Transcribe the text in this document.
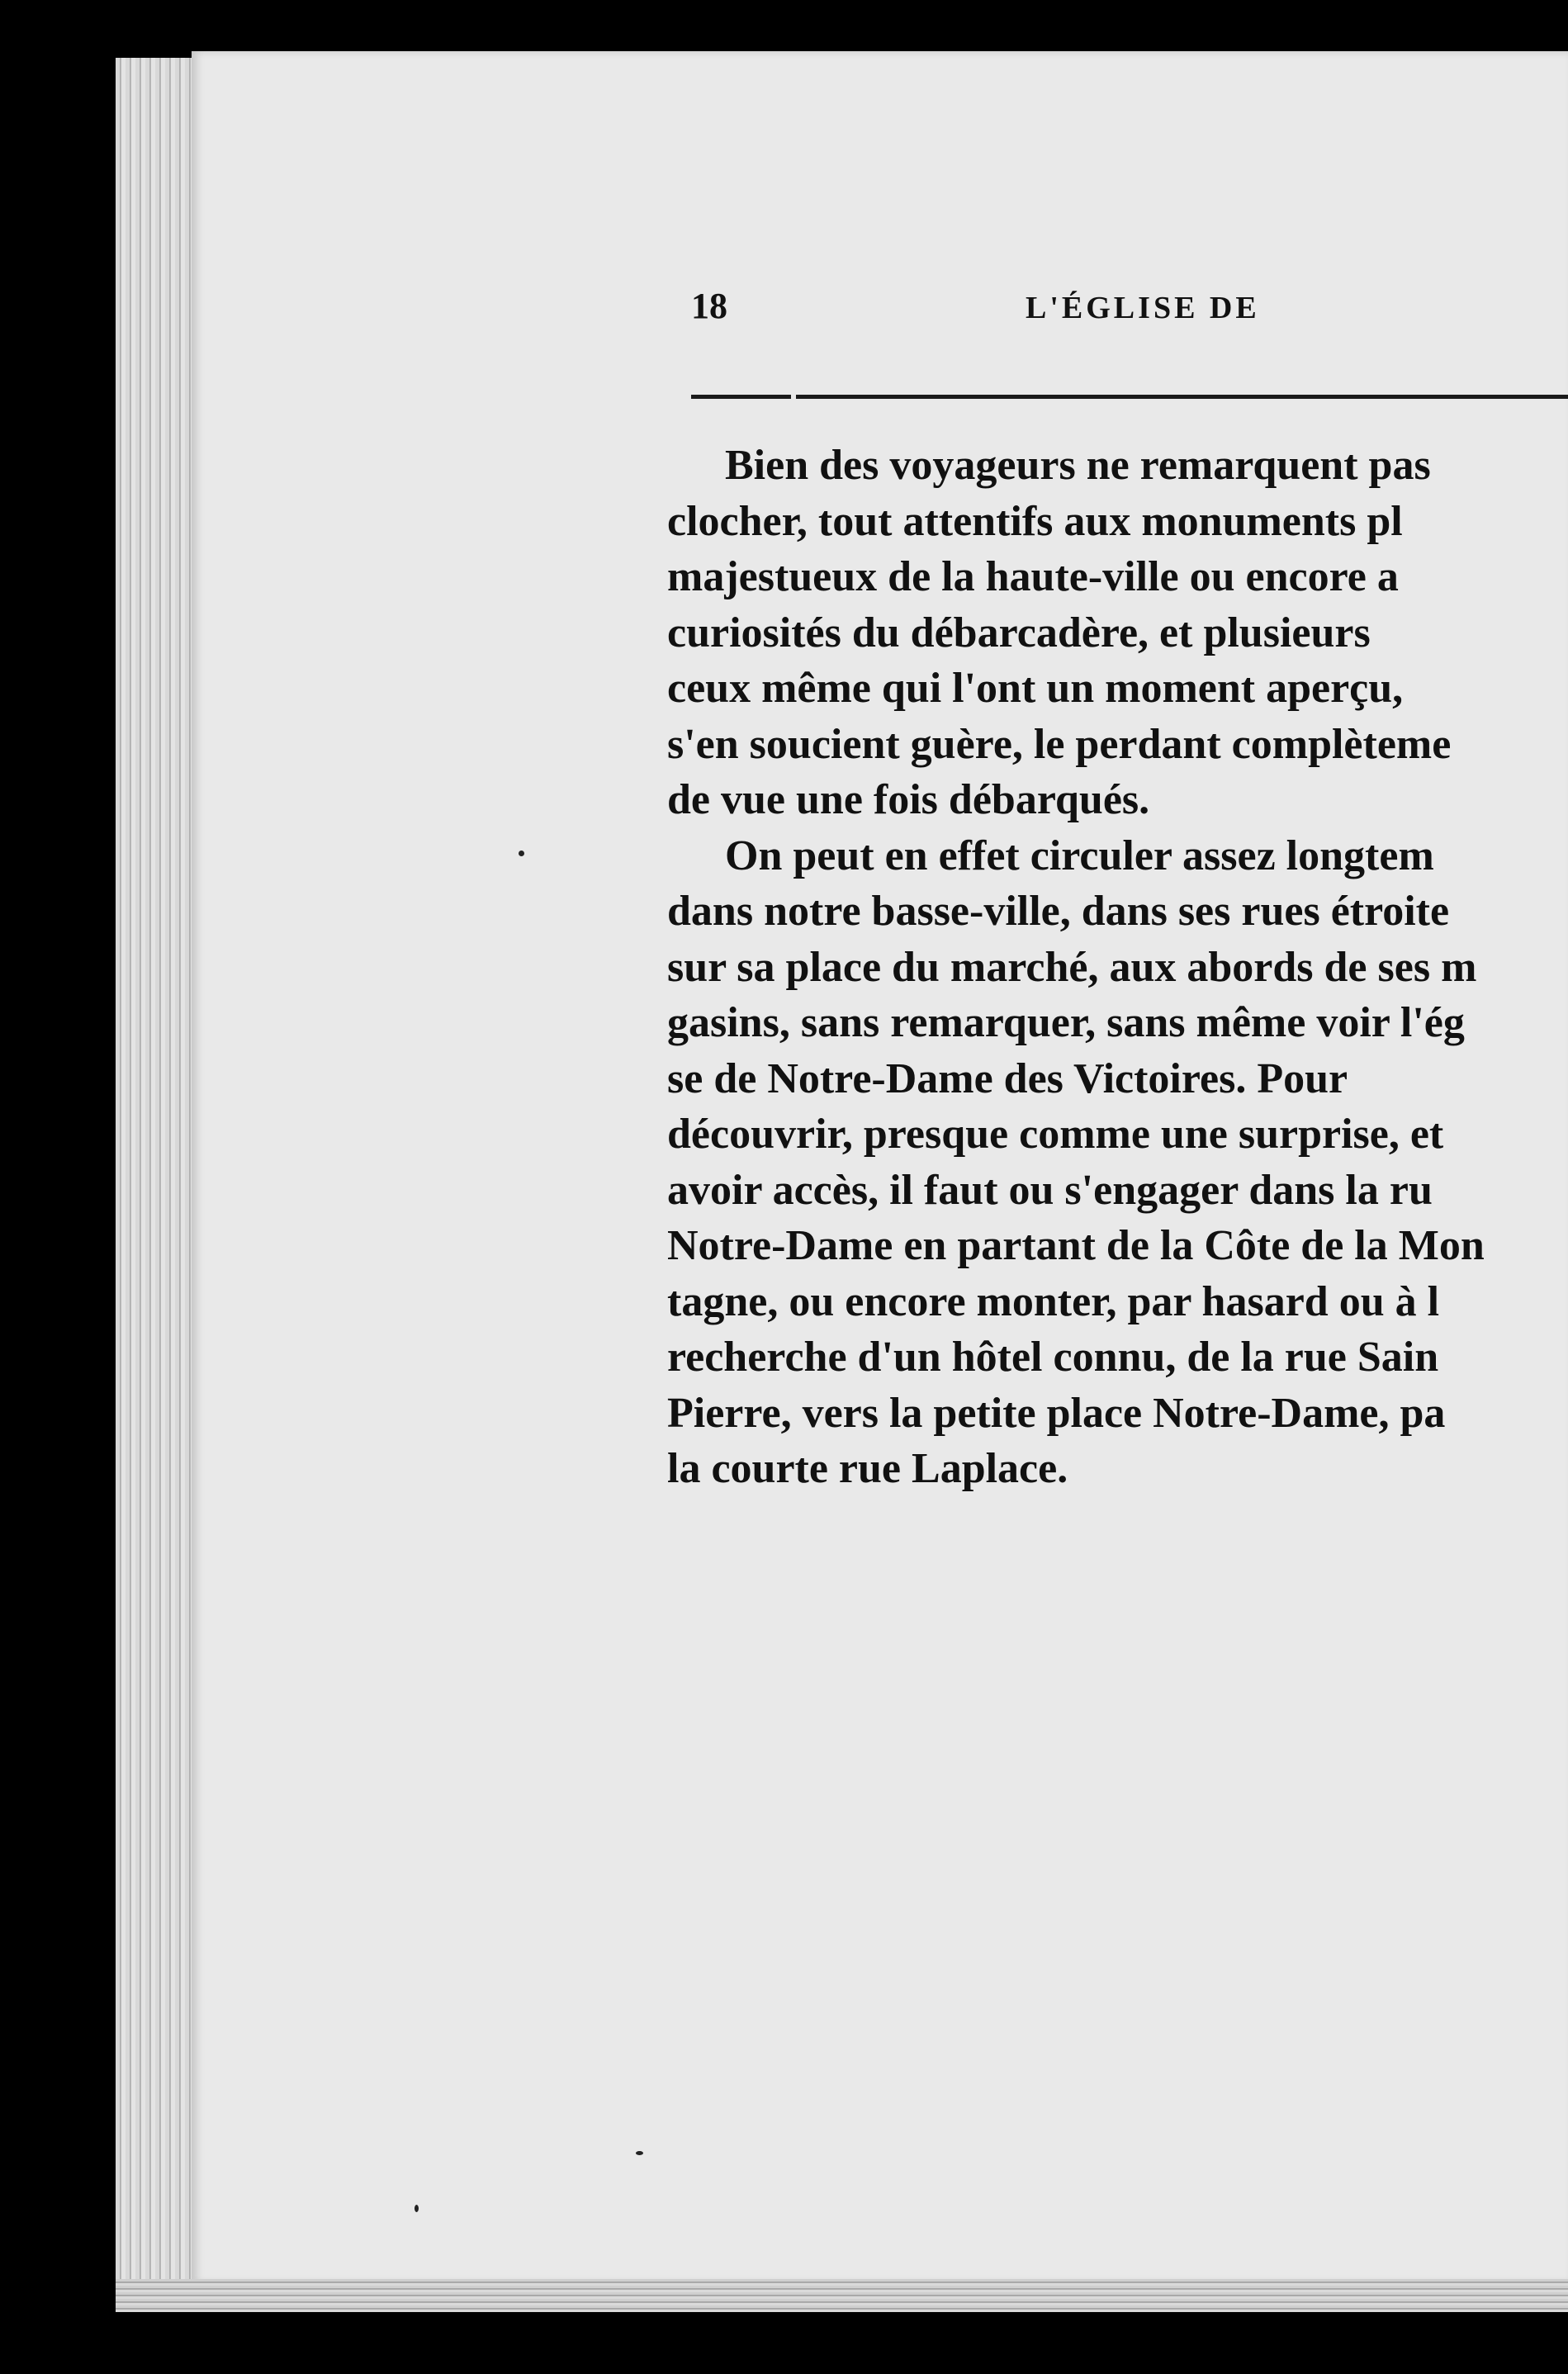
18	L'ÉGLISE DE
Bien des voyageurs ne remarquent pas
clocher, tout attentifs aux monuments pl
majestueux de la haute-ville ou encore a
curiosités du débarcadère, et plusieurs
ceux même qui l'ont un moment aperçu,
s'en soucient guère, le perdant complèteme
de vue une fois débarqués.
On peut en effet circuler assez longtem
dans notre basse-ville, dans ses rues étroite
sur sa place du marché, aux abords de ses m
gasins, sans remarquer, sans même voir l'ég
se de Notre-Dame des Victoires. Pour
découvrir, presque comme une surprise, et
avoir accès, il faut ou s'engager dans la ru
Notre-Dame en partant de la Côte de la Mon
tagne, ou encore monter, par hasard ou à l
recherche d'un hôtel connu, de la rue Sain
Pierre, vers la petite place Notre-Dame, pa
la courte rue Laplace.
